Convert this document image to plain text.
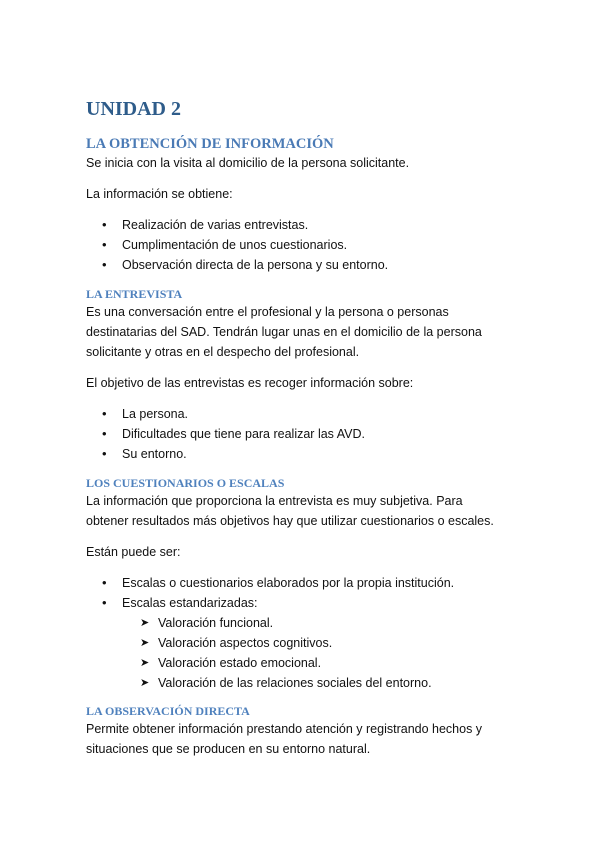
UNIDAD 2
LA OBTENCIÓN DE INFORMACIÓN

Se inicia con la visita al domicilio de la persona solicitante.

La información se obtiene:

• Realización de varias entrevistas.
• Cumplimentación de unos cuestionarios.
• Observación directa de la persona y su entorno.
LA ENTREVISTA

Es una conversación entre el profesional y la persona o personas
destinatarias del SAD. Tendrán lugar unas en el domicilio de la persona
solicitante y otras en el despecho del profesional.

El objetivo de las entrevistas es recoger información sobre:

• La persona.
• Dificultades que tiene para realizar las AVD.
• Su entorno.
LOS CUESTIONARIOS O ESCALAS

La información que proporciona la entrevista es muy subjetiva. Para
obtener resultados más objetivos hay que utilizar cuestionarios o escales.

Están puede ser:

• Escalas o cuestionarios elaborados por la propia institución.
• Escalas estandarizadas:
➤ Valoración funcional.
➤ Valoración aspectos cognitivos.
➤ Valoración estado emocional.
➤ Valoración de las relaciones sociales del entorno.
LA OBSERVACIÓN DIRECTA

Permite obtener información prestando atención y registrando hechos y
situaciones que se producen en su entorno natural.
